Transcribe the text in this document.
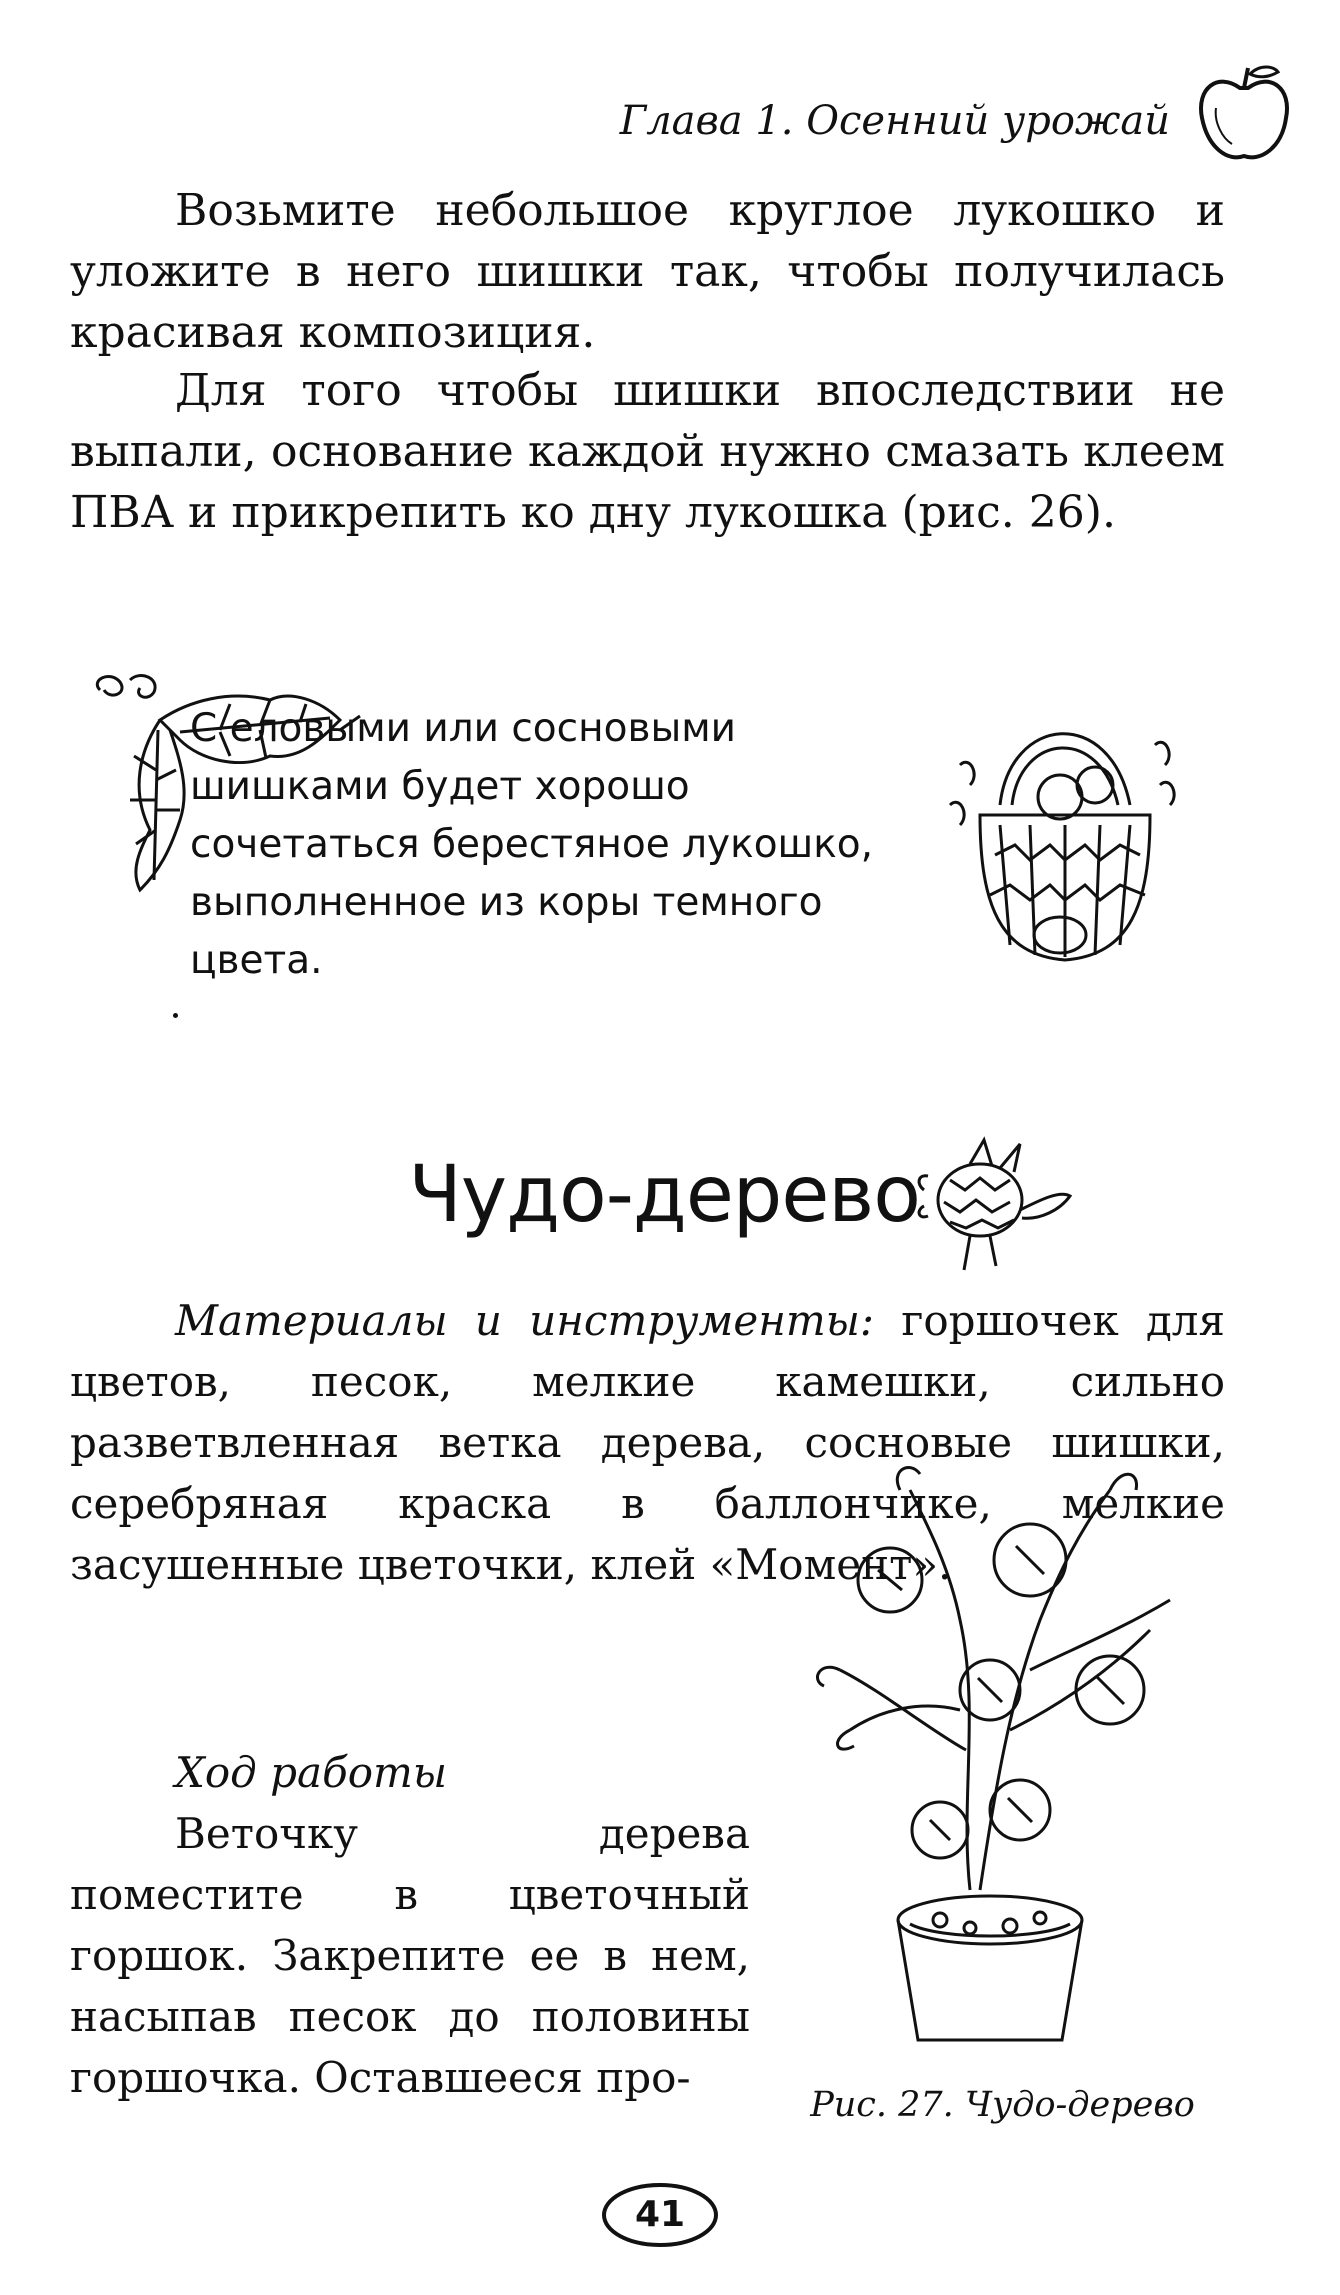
Глава 1. Осенний урожай

Возьмите небольшое круглое лукошко и уложите в него шишки так, чтобы получилась красивая композиция.

Для того чтобы шишки впоследствии не выпали, основание каждой нужно смазать клеем ПВА и прикрепить ко дну лукошка (рис. 26).

С еловыми или сосновыми шишками будет хорошо сочетаться берестяное лукошко, выполненное из коры темного цвета.

Чудо-дерево

Материалы и инструменты: горшочек для цветов, песок, мелкие камешки, сильно разветвленная ветка дерева, сосновые шишки, серебряная краска в баллончике, мелкие засушенные цветочки, клей «Момент».

Ход работы
Веточку дерева поместите в цветочный горшок. Закрепите ее в нем, насыпав песок до половины горшочка. Оставшееся про-

Рис. 27. Чудо-дерево
41
